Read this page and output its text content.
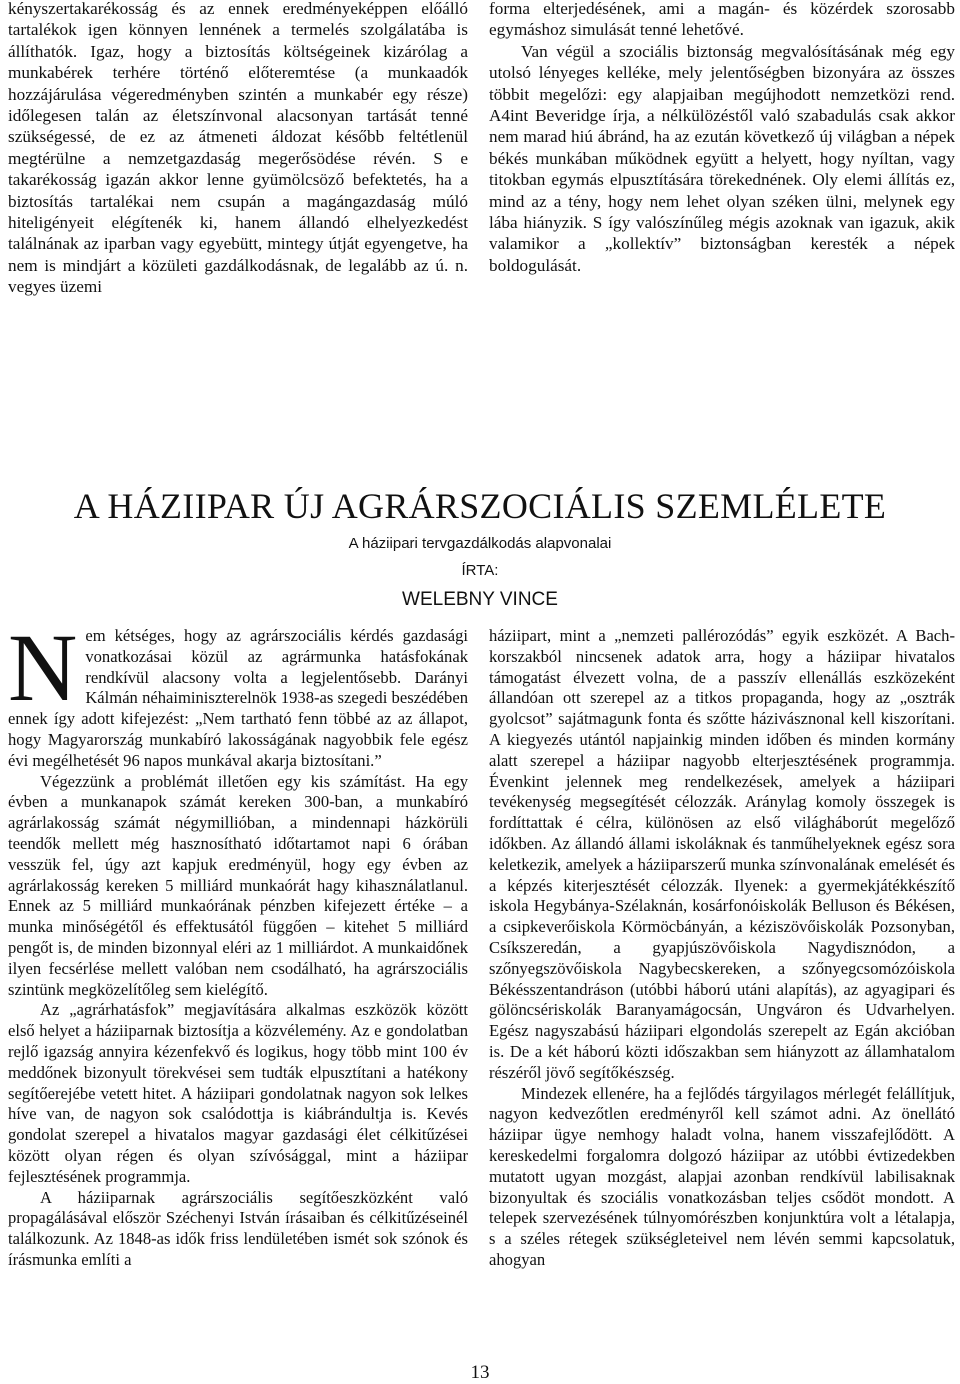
kényszertakarékosság és az ennek eredményeképpen előálló tartalékok igen könnyen lennének a termelés szolgálatába is állíthatók. Igaz, hogy a biztosítás költségeinek kizárólag a munkabérek terhére történő előteremtése (a munkaadók hozzájárulása végeredményben szintén a munkabér egy része) időlegesen talán az életszínvonal alacsonyan tartását tenné szükségessé, de ez az átmeneti áldozat később feltétlenül megtérülne a nemzetgazdaság megerősödése révén. S e takarékosság igazán akkor lenne gyümölcsöző befektetés, ha a biztosítás tartalékai nem csupán a magángazdaság múló hiteligényeit elégítenék ki, hanem állandó elhelyezkedést találnának az iparban vagy egyebütt, mintegy útját egyengetve, ha nem is mindjárt a közületi gazdálkodásnak, de legalább az ú. n. vegyes üzemi

forma elterjedésének, ami a magán- és közérdek szorosabb egymáshoz simulását tenné lehetővé.

Van végül a szociális biztonság megvalósításának még egy utolsó lényeges kelléke, mely jelentőségben bizonyára az összes többit megelőzi: egy alapjaiban megújhodott nemzetközi rend. A4int Beveridge írja, a nélkülözéstől való szabadulás csak akkor nem marad hiú ábránd, ha az ezután következő új világban a népek békés munkában működnek együtt a helyett, hogy nyíltan, vagy titokban egymás elpusztítására törekednének. Oly elemi állítás ez, mind az a tény, hogy nem lehet olyan széken ülni, melynek egy lába hiányzik. S így valószínűleg mégis azoknak van igazuk, akik valamikor a „kollektív” biztonságban keresték a népek boldogulását.

A HÁZIIPAR ÚJ AGRÁRSZOCIÁLIS SZEMLÉLETE
A háziipari tervgazdálkodás alapvonalai
ÍRTA:
WELEBNY VINCE

Nem kétséges, hogy az agrárszociális kérdés gazdasági vonatkozásai közül az agrármunka hatásfokának rendkívül alacsony volta a legjelentősebb. Darányi Kálmán néhaiminiszterelnök 1938-as szegedi beszédében ennek így adott kifejezést: „Nem tartható fenn többé az az állapot, hogy Magyarország munkabíró lakosságának nagyobbik fele egész évi megélhetését 96 napos munkával akarja biztosítani.”

Végezzünk a problémát illetően egy kis számítást. Ha egy évben a munkanapok számát kereken 300-ban, a munkabíró agrárlakosság számát négymillióban, a mindennapi házkörüli teendők mellett még hasznosítható időtartamot napi 6 órában vesszük fel, úgy azt kapjuk eredményül, hogy egy évben az agrárlakosság kereken 5 milliárd munkaórát hagy kihasználatlanul. Ennek az 5 milliárd munkaórának pénzben kifejezett értéke – a munka minőségétől és effektusától függően – kitehet 5 milliárd pengőt is, de minden bizonnyal eléri az 1 milliárdot. A munkaidőnek ilyen fecsérlése mellett valóban nem csodálható, ha agrárszociális szintünk megközelítőleg sem kielégítő.

Az „agrárhatásfok” megjavítására alkalmas eszközök között első helyet a háziiparnak biztosítja a közvélemény. Az e gondolatban rejlő igazság annyira kézenfekvő és logikus, hogy több mint 100 év meddőnek bizonyult törekvései sem tudták elpusztítani a hatékony segítőerejébe vetett hitet. A háziipari gondolatnak nagyon sok lelkes híve van, de nagyon sok csalódottja is kiábrándultja is. Kevés gondolat szerepel a hivatalos magyar gazdasági élet célkitűzései között olyan régen és olyan szívósággal, mint a háziipar fejlesztésének programmja.

A háziiparnak agrárszociális segítőeszközként való propagálásával először Széchenyi István írásaiban és célkitűzéseinél találkozunk. Az 1848-as idők friss lendületében ismét sok szónok és írásmunka említi a

háziipart, mint a „nemzeti pallérozódás” egyik eszközét. A Bach-korszakból nincsenek adatok arra, hogy a háziipar hivatalos támogatást élvezett volna, de a passzív ellenállás eszközeként állandóan ott szerepel az a titkos propaganda, hogy az „osztrák gyolcsot” sajátmagunk fonta és szőtte házivásznonal kell kiszorítani. A kiegyezés utántól napjainkig minden időben és minden kormány alatt szerepel a háziipar nagyobb elterjesztésének programmja. Évenkint jelennek meg rendelkezések, amelyek a háziipari tevékenység megsegítését célozzák. Aránylag komoly összegek is fordíttattak é célra, különösen az első világháborút megelőző időkben. Az állandó állami iskoláknak és tanműhelyeknek egész sora keletkezik, amelyek a háziiparszerű munka színvonalának emelését és a képzés kiterjesztését célozzák. Ilyenek: a gyermekjátékkészítő iskola Hegybánya-Szélaknán, kosárfonóiskolák Belluson és Békésen, a csipkeverőiskola Körmöcbányán, a kéziszövőiskolák Pozsonyban, Csíkszeredán, a gyapjúszövőiskola Nagydisznódon, a szőnyegszövőiskola Nagybecskereken, a szőnyegcsomózóiskola Békésszentandráson (utóbbi háború utáni alapítás), az agyagipari és gölöncsériskolák Baranyamágocsán, Ungváron és Udvarhelyen. Egész nagyszabású háziipari elgondolás szerepelt az Egán akcióban is. De a két háború közti időszakban sem hiányzott az államhatalom részéről jövő segítőkészség.

Mindezek ellenére, ha a fejlődés tárgyilagos mérlegét felállítjuk, nagyon kedvezőtlen eredményről kell számot adni. Az önellátó háziipar ügye nemhogy haladt volna, hanem visszafejlődött. A kereskedelmi forgalomra dolgozó háziipar az utóbbi évtizedekben mutatott ugyan mozgást, alapjai azonban rendkívül labilisaknak bizonyultak és szociális vonatkozásban teljes csődöt mondott. A telepek szervezésének túlnyomórészben konjunktúra volt a létalapja, s a széles rétegek szükségleteivel nem lévén semmi kapcsolatuk, ahogyan

13
